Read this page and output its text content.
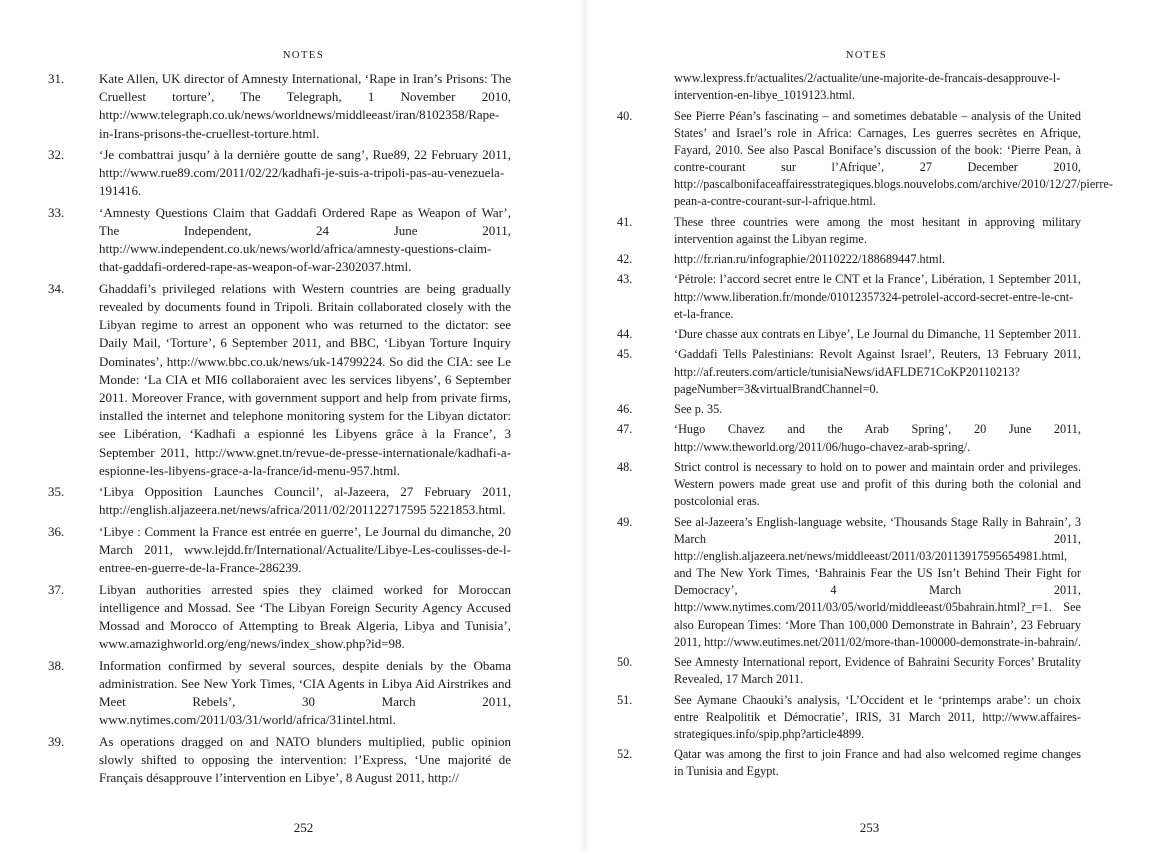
NOTES

31.	Kate Allen, UK director of Amnesty International, ‘Rape in Iran’s Prisons: The Cruellest torture’, The Telegraph, 1 November 2010, http://www.telegraph.co.uk/news/worldnews/middleeast/iran/8102358/Rape-in-Irans-prisons-the-cruellest-torture.html.

32.	‘Je combattrai jusqu’ à la dernière goutte de sang’, Rue89, 22 February 2011, http://www.rue89.com/2011/02/22/kadhafi-je-suis-a-tripoli-pas-au-venezuela-191416.

33.	‘Amnesty Questions Claim that Gaddafi Ordered Rape as Weapon of War’, The Independent, 24 June 2011, http://www.independent.co.uk/news/world/africa/amnesty-questions-claim-that-gaddafi-ordered-rape-as-weapon-of-war-2302037.html.

34.	Ghaddafi’s privileged relations with Western countries are being gradually revealed by documents found in Tripoli. Britain collaborated closely with the Libyan regime to arrest an opponent who was returned to the dictator: see Daily Mail, ‘Torture’, 6 September 2011, and BBC, ‘Libyan Torture Inquiry Dominates’, http://www.bbc.co.uk/news/uk-14799224. So did the CIA: see Le Monde: ‘La CIA et MI6 collaboraient avec les services libyens’, 6 September 2011. Moreover France, with government support and help from private firms, installed the internet and telephone monitoring system for the Libyan dictator: see Libération, ‘Kadhafi a espionné les Libyens grâce à la France’, 3 September 2011, http://www.gnet.tn/revue-de-presse-internationale/kadhafi-a-espionne-les-libyens-grace-a-la-france/id-menu-957.html.

35.	‘Libya Opposition Launches Council’, al-Jazeera, 27 February 2011, http://english.aljazeera.net/news/africa/2011/02/201122717595 5221853.html.

36.	‘Libye : Comment la France est entrée en guerre’, Le Journal du dimanche, 20 March 2011, www.lejdd.fr/International/Actualite/Libye-Les-coulisses-de-l-entree-en-guerre-de-la-France-286239.

37.	Libyan authorities arrested spies they claimed worked for Moroccan intelligence and Mossad. See ‘The Libyan Foreign Security Agency Accused Mossad and Morocco of Attempting to Break Algeria, Libya and Tunisia’, www.amazighworld.org/eng/news/index_show.php?id=98.

38.	Information confirmed by several sources, despite denials by the Obama administration. See New York Times, ‘CIA Agents in Libya Aid Airstrikes and Meet Rebels’, 30 March 2011, www.nytimes.com/2011/03/31/world/africa/31intel.html.

39.	As operations dragged on and NATO blunders multiplied, public opinion slowly shifted to opposing the intervention: l’Express, ‘Une majorité de Français désapprouve l’intervention en Libye’, 8 August 2011, http://

252
NOTES

www.lexpress.fr/actualites/2/actualite/une-majorite-de-francais-desapprouve-l-intervention-en-libye_1019123.html.

40.	See Pierre Péan’s fascinating – and sometimes debatable – analysis of the United States’ and Israel’s role in Africa: Carnages, Les guerres secrètes en Afrique, Fayard, 2010. See also Pascal Boniface’s discussion of the book: ‘Pierre Pean, à contre-courant sur l’Afrique’, 27 December 2010, http://pascalbonifaceaffairesstrategiques.blogs.nouvelobs.com/archive/2010/12/27/pierre-pean-a-contre-courant-sur-l-afrique.html.

41.	These three countries were among the most hesitant in approving military intervention against the Libyan regime.

42.	http://fr.rian.ru/infographie/20110222/188689447.html.

43.	‘Pétrole: l’accord secret entre le CNT et la France’, Libération, 1 September 2011, http://www.liberation.fr/monde/01012357324-petrolel-accord-secret-entre-le-cnt-et-la-france.

44.	‘Dure chasse aux contrats en Libye’, Le Journal du Dimanche, 11 September 2011.

45.	‘Gaddafi Tells Palestinians: Revolt Against Israel’, Reuters, 13 February 2011, http://af.reuters.com/article/tunisiaNews/idAFLDE71CoKP20110213?pageNumber=3&virtualBrandChannel=0.

46.	See p. 35.

47.	‘Hugo Chavez and the Arab Spring’, 20 June 2011, http://www.theworld.org/2011/06/hugo-chavez-arab-spring/.

48.	Strict control is necessary to hold on to power and maintain order and privileges. Western powers made great use and profit of this during both the colonial and postcolonial eras.

49.	See al-Jazeera’s English-language website, ‘Thousands Stage Rally in Bahrain’, 3 March 2011, http://english.aljazeera.net/news/middleeast/2011/03/20113917595654981.html, and The New York Times, ‘Bahrainis Fear the US Isn’t Behind Their Fight for Democracy’, 4 March 2011, http://www.nytimes.com/2011/03/05/world/middleeast/05bahrain.html?_r=1. See also European Times: ‘More Than 100,000 Demonstrate in Bahrain’, 23 February 2011, http://www.eutimes.net/2011/02/more-than-100000-demonstrate-in-bahrain/.

50.	See Amnesty International report, Evidence of Bahraini Security Forces’ Brutality Revealed, 17 March 2011.

51.	See Aymane Chaouki’s analysis, ‘L’Occident et le ‘printemps arabe’: un choix entre Realpolitik et Démocratie’, IRIS, 31 March 2011, http://www.affaires-strategiques.info/spip.php?article4899.

52.	Qatar was among the first to join France and had also welcomed regime changes in Tunisia and Egypt.

253
